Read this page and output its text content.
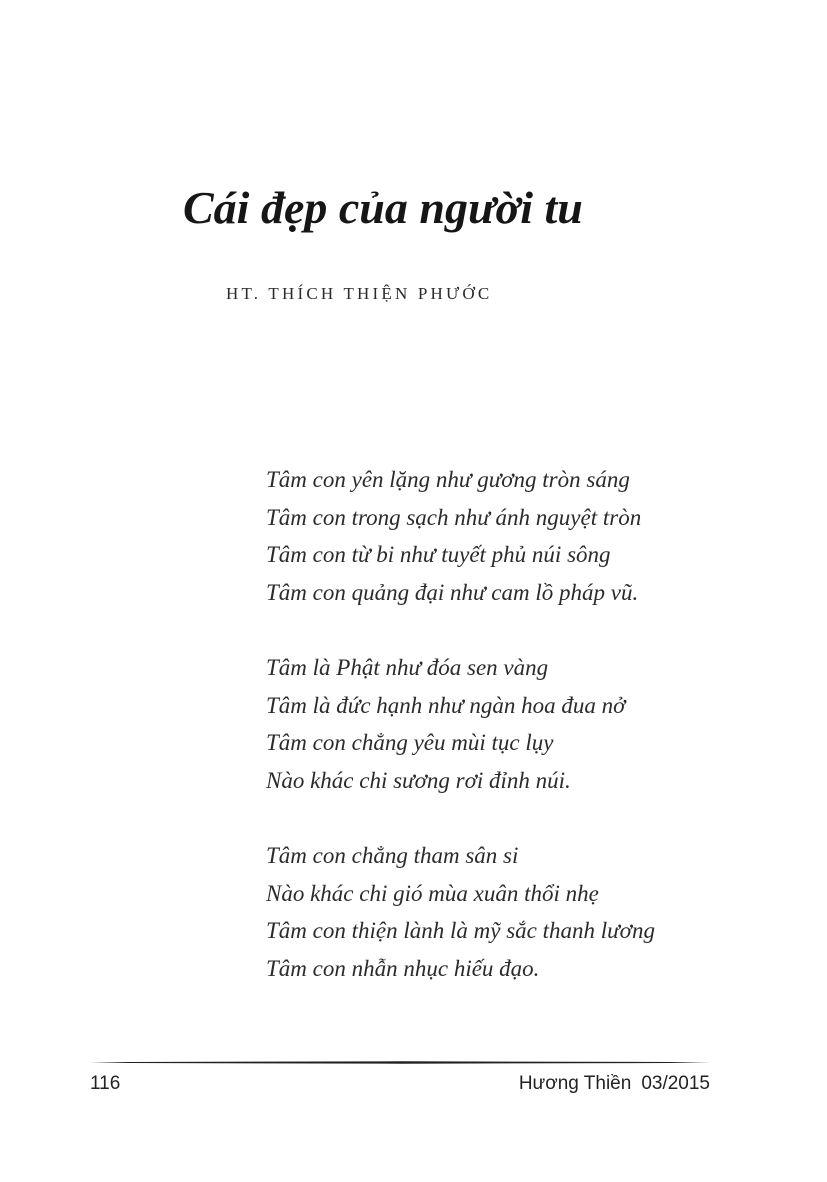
Cái đẹp của người tu
HT. THÍCH THIỆN PHƯỚC
Tâm con yên lặng như gương tròn sáng
Tâm con trong sạch như ánh nguyệt tròn
Tâm con từ bi như tuyết phủ núi sông
Tâm con quảng đại như cam lồ pháp vũ.
Tâm là Phật như đóa sen vàng
Tâm là đức hạnh như ngàn hoa đua nở
Tâm con chẳng yêu mùi tục lụy
Nào khác chi sương rơi đỉnh núi.
Tâm con chẳng tham sân si
Nào khác chi gió mùa xuân thổi nhẹ
Tâm con thiện lành là mỹ sắc thanh lương
Tâm con nhẫn nhục hiếu đạo.
116	Hương Thiền 03/2015
